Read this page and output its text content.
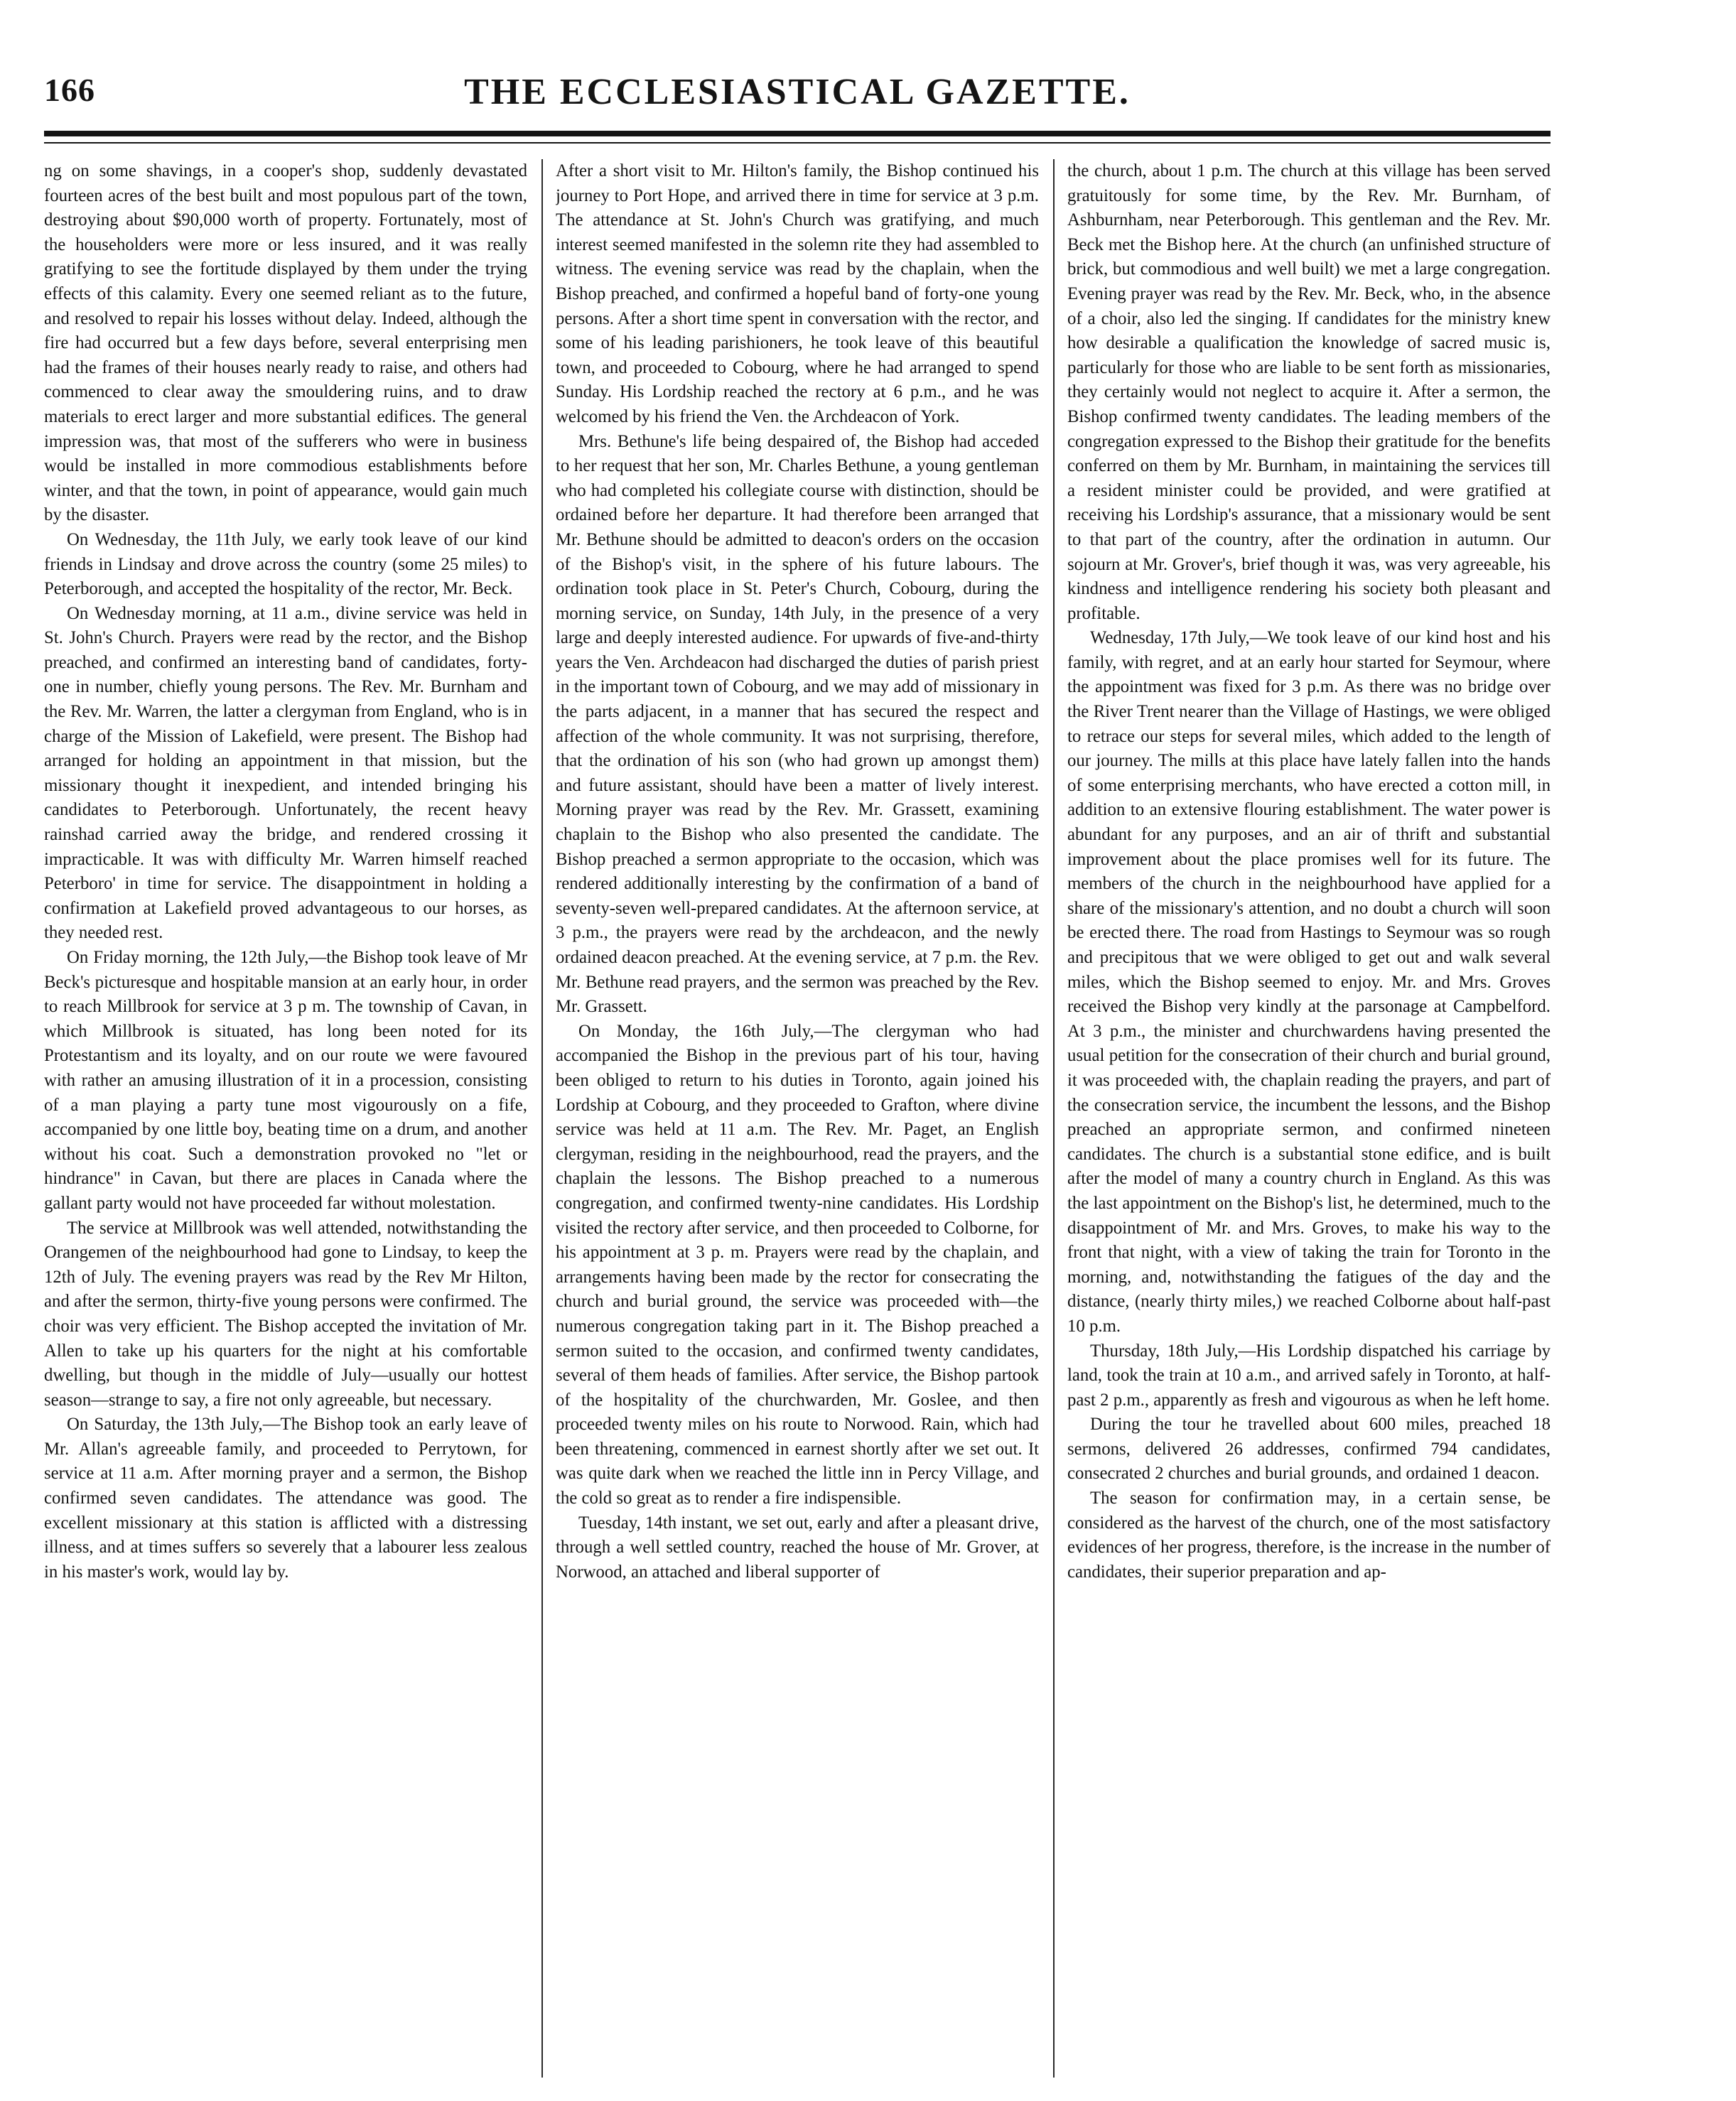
166	THE ECCLESIASTICAL GAZETTE.

ng on some shavings, in a cooper's shop, suddenly devastated fourteen acres of the best built and most populous part of the town, destroying about $90,000 worth of property. Fortunately, most of the householders were more or less insured, and it was really gratifying to see the fortitude displayed by them under the trying effects of this calamity. Every one seemed reliant as to the future, and resolved to repair his losses without delay. Indeed, although the fire had occurred but a few days before, several enterprising men had the frames of their houses nearly ready to raise, and others had commenced to clear away the smouldering ruins, and to draw materials to erect larger and more substantial edifices. The general impression was, that most of the sufferers who were in business would be installed in more commodious establishments before winter, and that the town, in point of appearance, would gain much by the disaster.

On Wednesday, the 11th July, we early took leave of our kind friends in Lindsay and drove across the country (some 25 miles) to Peterborough, and accepted the hospitality of the rector, Mr. Beck.

On Wednesday morning, at 11 a.m., divine service was held in St. John's Church. Prayers were read by the rector, and the Bishop preached, and confirmed an interesting band of candidates, forty-one in number, chiefly young persons. The Rev. Mr. Burnham and the Rev. Mr. Warren, the latter a clergyman from England, who is in charge of the Mission of Lakefield, were present. The Bishop had arranged for holding an appointment in that mission, but the missionary thought it inexpedient, and intended bringing his candidates to Peterborough. Unfortunately, the recent heavy rainshad carried away the bridge, and rendered crossing it impracticable. It was with difficulty Mr. Warren himself reached Peterboro' in time for service. The disappointment in holding a confirmation at Lakefield proved advantageous to our horses, as they needed rest.

On Friday morning, the 12th July,—the Bishop took leave of Mr Beck's picturesque and hospitable mansion at an early hour, in order to reach Millbrook for service at 3 p m. The township of Cavan, in which Millbrook is situated, has long been noted for its Protestantism and its loyalty, and on our route we were favoured with rather an amusing illustration of it in a procession, consisting of a man playing a party tune most vigourously on a fife, accompanied by one little boy, beating time on a drum, and another without his coat. Such a demonstration provoked no "let or hindrance" in Cavan, but there are places in Canada where the gallant party would not have proceeded far without molestation.

The service at Millbrook was well attended, notwithstanding the Orangemen of the neighbourhood had gone to Lindsay, to keep the 12th of July. The evening prayers was read by the Rev Mr Hilton, and after the sermon, thirty-five young persons were confirmed. The choir was very efficient. The Bishop accepted the invitation of Mr. Allen to take up his quarters for the night at his comfortable dwelling, but though in the middle of July—usually our hottest season—strange to say, a fire not only agreeable, but necessary.

On Saturday, the 13th July,—The Bishop took an early leave of Mr. Allan's agreeable family, and proceeded to Perrytown, for service at 11 a.m. After morning prayer and a sermon, the Bishop confirmed seven candidates. The attendance was good. The excellent missionary at this station is afflicted with a distressing illness, and at times suffers so severely that a labourer less zealous in his master's work, would lay by.

After a short visit to Mr. Hilton's family, the Bishop continued his journey to Port Hope, and arrived there in time for service at 3 p.m. The attendance at St. John's Church was gratifying, and much interest seemed manifested in the solemn rite they had assembled to witness. The evening service was read by the chaplain, when the Bishop preached, and confirmed a hopeful band of forty-one young persons. After a short time spent in conversation with the rector, and some of his leading parishioners, he took leave of this beautiful town, and proceeded to Cobourg, where he had arranged to spend Sunday. His Lordship reached the rectory at 6 p.m., and he was welcomed by his friend the Ven. the Archdeacon of York.

Mrs. Bethune's life being despaired of, the Bishop had acceded to her request that her son, Mr. Charles Bethune, a young gentleman who had completed his collegiate course with distinction, should be ordained before her departure. It had therefore been arranged that Mr. Bethune should be admitted to deacon's orders on the occasion of the Bishop's visit, in the sphere of his future labours. The ordination took place in St. Peter's Church, Cobourg, during the morning service, on Sunday, 14th July, in the presence of a very large and deeply interested audience. For upwards of five-and-thirty years the Ven. Archdeacon had discharged the duties of parish priest in the important town of Cobourg, and we may add of missionary in the parts adjacent, in a manner that has secured the respect and affection of the whole community. It was not surprising, therefore, that the ordination of his son (who had grown up amongst them) and future assistant, should have been a matter of lively interest. Morning prayer was read by the Rev. Mr. Grassett, examining chaplain to the Bishop who also presented the candidate. The Bishop preached a sermon appropriate to the occasion, which was rendered additionally interesting by the confirmation of a band of seventy-seven well-prepared candidates. At the afternoon service, at 3 p.m., the prayers were read by the archdeacon, and the newly ordained deacon preached. At the evening service, at 7 p.m. the Rev. Mr. Bethune read prayers, and the sermon was preached by the Rev. Mr. Grassett.

On Monday, the 16th July,—The clergyman who had accompanied the Bishop in the previous part of his tour, having been obliged to return to his duties in Toronto, again joined his Lordship at Cobourg, and they proceeded to Grafton, where divine service was held at 11 a.m. The Rev. Mr. Paget, an English clergyman, residing in the neighbourhood, read the prayers, and the chaplain the lessons. The Bishop preached to a numerous congregation, and confirmed twenty-nine candidates. His Lordship visited the rectory after service, and then proceeded to Colborne, for his appointment at 3 p. m. Prayers were read by the chaplain, and arrangements having been made by the rector for consecrating the church and burial ground, the service was proceeded with—the numerous congregation taking part in it. The Bishop preached a sermon suited to the occasion, and confirmed twenty candidates, several of them heads of families. After service, the Bishop partook of the hospitality of the churchwarden, Mr. Goslee, and then proceeded twenty miles on his route to Norwood. Rain, which had been threatening, commenced in earnest shortly after we set out. It was quite dark when we reached the little inn in Percy Village, and the cold so great as to render a fire indispensible.

Tuesday, 14th instant, we set out, early and after a pleasant drive, through a well settled country, reached the house of Mr. Grover, at Norwood, an attached and liberal supporter of

the church, about 1 p.m. The church at this village has been served gratuitously for some time, by the Rev. Mr. Burnham, of Ashburnham, near Peterborough. This gentleman and the Rev. Mr. Beck met the Bishop here. At the church (an unfinished structure of brick, but commodious and well built) we met a large congregation. Evening prayer was read by the Rev. Mr. Beck, who, in the absence of a choir, also led the singing. If candidates for the ministry knew how desirable a qualification the knowledge of sacred music is, particularly for those who are liable to be sent forth as missionaries, they certainly would not neglect to acquire it. After a sermon, the Bishop confirmed twenty candidates. The leading members of the congregation expressed to the Bishop their gratitude for the benefits conferred on them by Mr. Burnham, in maintaining the services till a resident minister could be provided, and were gratified at receiving his Lordship's assurance, that a missionary would be sent to that part of the country, after the ordination in autumn. Our sojourn at Mr. Grover's, brief though it was, was very agreeable, his kindness and intelligence rendering his society both pleasant and profitable.

Wednesday, 17th July,—We took leave of our kind host and his family, with regret, and at an early hour started for Seymour, where the appointment was fixed for 3 p.m. As there was no bridge over the River Trent nearer than the Village of Hastings, we were obliged to retrace our steps for several miles, which added to the length of our journey. The mills at this place have lately fallen into the hands of some enterprising merchants, who have erected a cotton mill, in addition to an extensive flouring establishment. The water power is abundant for any purposes, and an air of thrift and substantial improvement about the place promises well for its future. The members of the church in the neighbourhood have applied for a share of the missionary's attention, and no doubt a church will soon be erected there. The road from Hastings to Seymour was so rough and precipitous that we were obliged to get out and walk several miles, which the Bishop seemed to enjoy. Mr. and Mrs. Groves received the Bishop very kindly at the parsonage at Campbelford. At 3 p.m., the minister and churchwardens having presented the usual petition for the consecration of their church and burial ground, it was proceeded with, the chaplain reading the prayers, and part of the consecration service, the incumbent the lessons, and the Bishop preached an appropriate sermon, and confirmed nineteen candidates. The church is a substantial stone edifice, and is built after the model of many a country church in England. As this was the last appointment on the Bishop's list, he determined, much to the disappointment of Mr. and Mrs. Groves, to make his way to the front that night, with a view of taking the train for Toronto in the morning, and, notwithstanding the fatigues of the day and the distance, (nearly thirty miles,) we reached Colborne about half-past 10 p.m.

Thursday, 18th July,—His Lordship dispatched his carriage by land, took the train at 10 a.m., and arrived safely in Toronto, at half-past 2 p.m., apparently as fresh and vigourous as when he left home.

During the tour he travelled about 600 miles, preached 18 sermons, delivered 26 addresses, confirmed 794 candidates, consecrated 2 churches and burial grounds, and ordained 1 deacon.

The season for confirmation may, in a certain sense, be considered as the harvest of the church, one of the most satisfactory evidences of her progress, therefore, is the increase in the number of candidates, their superior preparation and ap-
